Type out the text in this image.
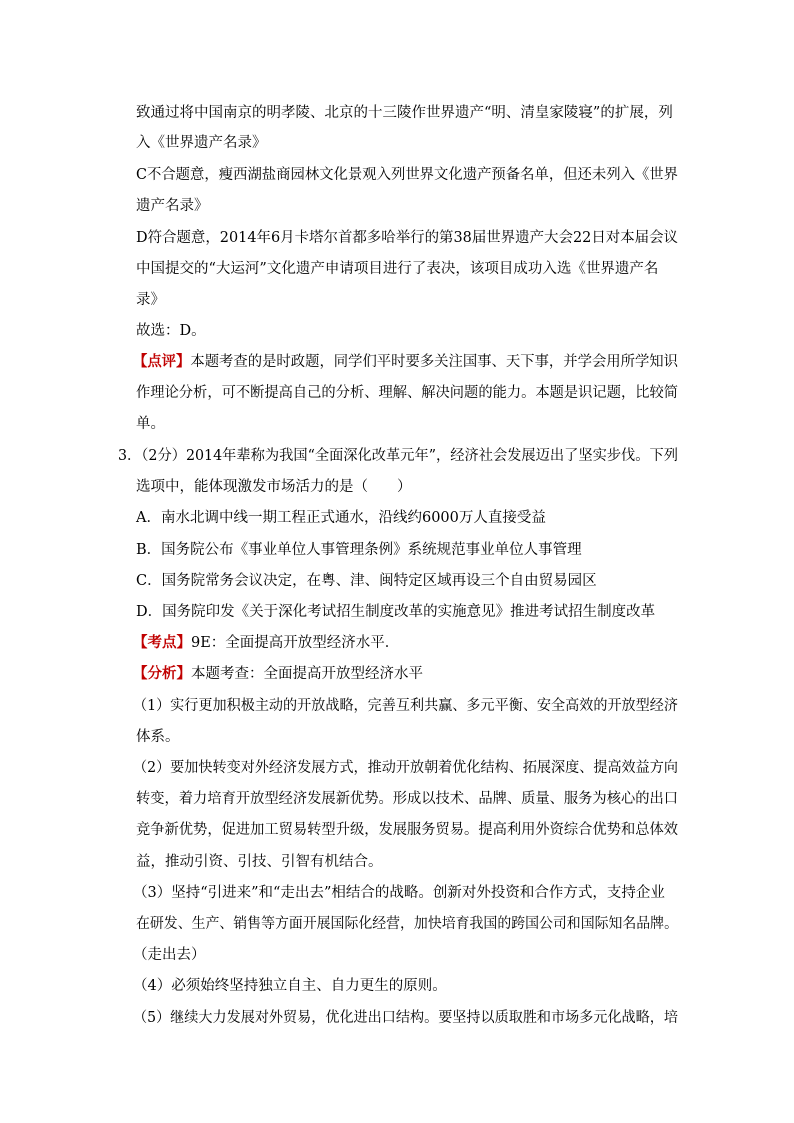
致通过将中国南京的明孝陵、北京的十三陵作世界遗产“明、清皇家陵寝”的扩展，列
入《世界遗产名录》
C不合题意，瘦西湖盐商园林文化景观入列世界文化遗产预备名单，但还未列入《世界
遗产名录》
D符合题意，2014年6月卡塔尔首都多哈举行的第38届世界遗产大会22日对本届会议
中国提交的“大运河”文化遗产申请项目进行了表决，该项目成功入选《世界遗产名
录》
故选：D。
【点评】本题考查的是时政题，同学们平时要多关注国事、天下事，并学会用所学知识
作理论分析，可不断提高自己的分析、理解、解决问题的能力。本题是识记题，比较简
单。
3．（2分）2014年辈称为我国“全面深化改革元年”，经济社会发展迈出了坚实步伐。下列
选项中，能体现激发市场活力的是（　　）
A．南水北调中线一期工程正式通水，沿线约6000万人直接受益
B．国务院公布《事业单位人事管理条例》系统规范事业单位人事管理
C．国务院常务会议决定，在粤、津、闽特定区域再设三个自由贸易园区
D．国务院印发《关于深化考试招生制度改革的实施意见》推进考试招生制度改革
【考点】9E：全面提高开放型经济水平．
【分析】本题考查：全面提高开放型经济水平
（1）实行更加积极主动的开放战略，完善互利共赢、多元平衡、安全高效的开放型经济
体系。
（2）要加快转变对外经济发展方式，推动开放朝着优化结构、拓展深度、提高效益方向
转变，着力培育开放型经济发展新优势。形成以技术、品牌、质量、服务为核心的出口
竞争新优势，促进加工贸易转型升级，发展服务贸易。提高利用外资综合优势和总体效
益，推动引资、引技、引智有机结合。
（3）坚持“引进来”和“走出去”相结合的战略。创新对外投资和合作方式，支持企业
在研发、生产、销售等方面开展国际化经营，加快培育我国的跨国公司和国际知名品牌。
（走出去）
（4）必须始终坚持独立自主、自力更生的原则。
（5）继续大力发展对外贸易，优化进出口结构。要坚持以质取胜和市场多元化战略，培
